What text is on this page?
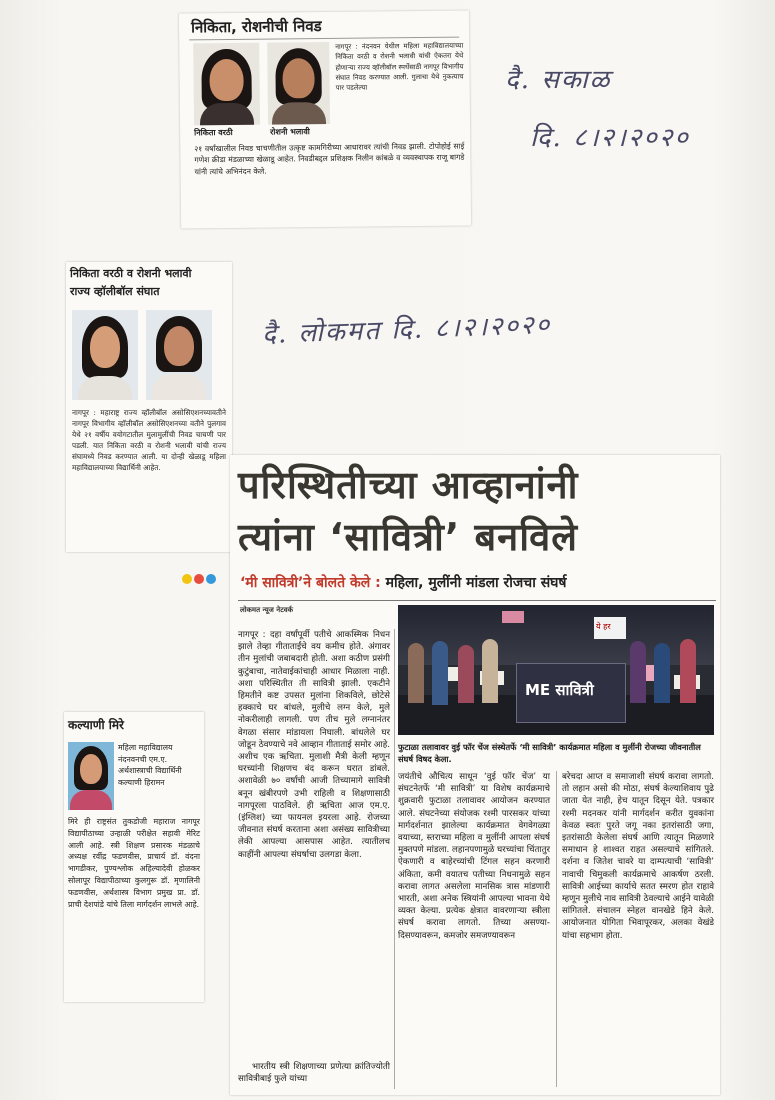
निकिता, रोशनीची निवड
निकिता वरठी	रोशनी भलावी
नागपूर : नंदनवन येथील महिला महाविद्यालयाच्या निकिता वरठी व रोशनी भलावी यांची ऐकतरा येथे होणाऱ्या राज्य व्हॉलीबॉल स्पर्धेसाठी नागपूर विभागीय संघात निवड करण्यात आली. गुलाचा येथे नुकत्याच पार पडलेल्या
२१ वर्षांखालील निवड चाचणीतील उत्कृष्ट कामगिरीच्या आधारावर त्यांची निवड झाली. टोपोहोई साई गणेश क्रीडा मंडळाच्या खेळाडू आहेत. निवडीबद्दल प्रशिक्षक निलीन कांबळे व व्यवस्थापक राजू बागडे यांनी त्यांचे अभिनंदन केले.
दै. सकाळ
दि. ८।२।२०२०
निकिता वरठी व रोशनी भलावी
राज्य व्हॉलीबॉल संघात
नागपूर : महाराष्ट्र राज्य व्हॉलीबॉल असोसिएशनच्यावतीने नागपूर विभागीय व्हॉलीबॉल असोसिएशनच्या वतीने पुलगाव येथे २१ वर्षीय वयोगटातील मुलामुलींची निवड चाचणी पार पडली. यात निकिता वरठी व रोशनी भलावी यांची राज्य संघामध्ये निवड करण्यात आली. या दोन्ही खेळाडू महिला महाविद्यालयाच्या विद्यार्थिनी आहेत.
दै. लोकमत दि. ८।२।२०२०
परिस्थितीच्या आव्हानांनी
त्यांना ‘सावित्री’ बनविले
‘मी सावित्री’ने बोलते केले : महिला, मुलींनी मांडला रोजचा संघर्ष
लोकमत न्यूज नेटवर्क
नागपूर : दहा वर्षांपूर्वी पतीचे आकस्मिक निधन झाले तेव्हा गीताताईंचे वय कमीच होते. अंगावर तीन मुलांची जबाबदारी होती. अशा कठीण प्रसंगी कुटुंबाचा, नातेवाईकांचाही आधार मिळाला नाही. अशा परिस्थितीत ती सावित्री झाली. एकटीने हिमतीने कष्ट उपसत मुलांना शिकविले, छोटेसे हक्काचे घर बांधले, मुलीचे लग्न केले, मुले नोकरीलाही लागली. पण तीच मुले लग्नानंतर वेगळा संसार मांडायला निघाली. बांधलेले घर जोडून ठेवण्याचे नवे आव्हान गीताताई समोर आहे. अशीच एक ऋचिता. मुलाशी मैत्री केली म्हणून घरच्यांनी शिक्षणच बंद करून घरात डांबले. अशावेळी ७० वर्षांची आजी तिच्यामागे सावित्री बनून खंबीरपणे उभी राहिली व शिक्षणासाठी नागपूरला पाठविले. ही ऋचिता आज एम.ए. (इंग्लिश) च्या फायनल इयरला आहे. रोजच्या जीवनात संघर्ष करताना अशा असंख्य सावित्रीच्या लेकी आपल्या आसपास आहेत. त्यातीलच काहींनी आपल्या संघर्षाचा उलगडा केला.
भारतीय स्त्री शिक्षणाच्या प्रणेत्या क्रांतिज्योती सावित्रीबाई फुले यांच्या
ME सावित्री
ये हर
फुटाळा तलावावर वुई फॉर चेंज संस्थेतर्फे ‘मी सावित्री’ कार्यक्रमात महिला व मुलींनी रोजच्या जीवनातील संघर्ष विषद केला.
जयंतीचे औचित्य साधून ‘वुई फॉर चेंज’ या संघटनेतर्फे ‘मी सावित्री’ या विशेष कार्यक्रमाचे शुक्रवारी फुटाळा तलावावर आयोजन करण्यात आले. संघटनेच्या संयोजक रश्मी पारसकर यांच्या मार्गदर्शनात झालेल्या कार्यक्रमात वेगवेगळ्या वयाच्या, स्तराच्या महिला व मुलींनी आपला संघर्ष मुक्तपणे मांडला. लहानपणामुळे घरच्यांचा चिंतातुर ऐकणारी व बाहेरच्यांची टिंगल सहन करणारी अंकिता, कमी वयातच पतीच्या निधनामुळे सहन करावा लागत असलेला मानसिक त्रास मांडणारी भारती, अशा अनेक स्त्रियांनी आपल्या भावना येथे व्यक्त केल्या. प्रत्येक क्षेत्रात वावरणाऱ्या स्त्रीला संघर्ष करावा लागतो. तिच्या असण्या-दिसण्यावरून, कमजोर समजण्यावरून
बरेचदा आप्त व समाजाशी संघर्ष करावा लागतो. तो लहान असो की मोठा, संघर्ष केल्याशिवाय पुढे जाता येत नाही, हेच यातून दिसून येते. पत्रकार रश्मी मदनकर यांनी मार्गदर्शन करीत युवकांना केवळ स्वतः पुरते जगू नका इतरांसाठी जगा, इतरांसाठी केलेला संघर्ष आणि त्यातून मिळणारे समाधान हे शाश्वत राहत असल्याचे सांगितले. दर्शना व जितेश चावरे या दाम्पत्याची ‘सावित्री’ नावाची चिमुकली कार्यक्रमाचे आकर्षण ठरली. सावित्री आईच्या कार्याचे सतत स्मरण होत राहावे म्हणून मुलीचे नाव सावित्री ठेवल्याचे आईने यावेळी सांगितले. संचालन स्नेहल वानखेडे हिने केले. आयोजनात योगिता भिवापूरकर, अलका वेखंडे यांचा सहभाग होता.
कल्याणी मिरे
महिला महाविद्यालय नंदनवनची एम.ए. अर्थशास्त्राची विद्यार्थिनी कल्याणी हिरामन
मिरे ही राष्ट्रसंत तुकडोजी महाराज नागपूर विद्यापीठाच्या उन्हाळी परीक्षेत सहावी मेरिट आली आहे. स्त्री शिक्षण प्रसारक मंडळाचे अध्यक्ष रवींद्र फडणवीस, प्राचार्य डॉ. वंदना भागडीकर, पुण्यश्लोक अहिल्यादेवी होळकर सोलापूर विद्यापीठाच्या कुलगुरू डॉ. मृणालिनी फडणवीस, अर्थशास्त्र विभाग प्रमुख प्रा. डॉ. प्राची देशपांडे यांचे तिला मार्गदर्शन लाभले आहे.
